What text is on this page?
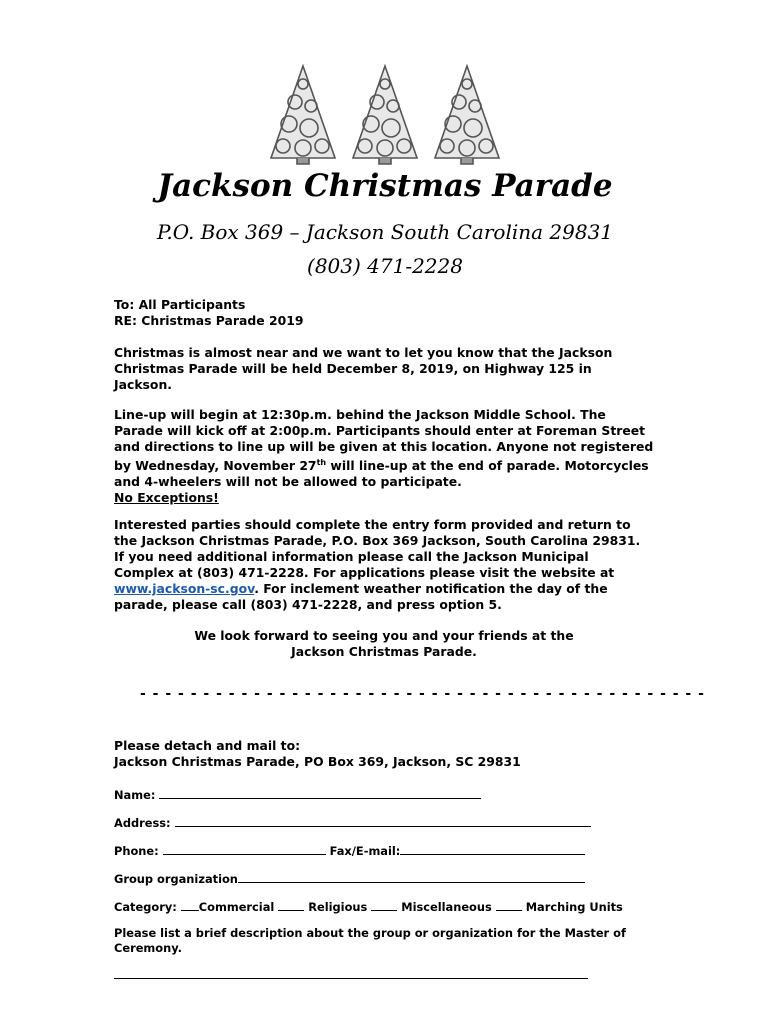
Jackson Christmas Parade
P.O. Box 369 – Jackson South Carolina 29831
(803) 471-2228
To: All Participants
RE: Christmas Parade 2019
Christmas is almost near and we want to let you know that the Jackson
Christmas Parade will be held December 8, 2019, on Highway 125 in
Jackson.
Line-up will begin at 12:30p.m. behind the Jackson Middle School. The
Parade will kick off at 2:00p.m. Participants should enter at Foreman Street
and directions to line up will be given at this location. Anyone not registered
by Wednesday, November 27th will line-up at the end of parade. Motorcycles
and 4-wheelers will not be allowed to participate.
No Exceptions!
Interested parties should complete the entry form provided and return to
the Jackson Christmas Parade, P.O. Box 369 Jackson, South Carolina 29831.
If you need additional information please call the Jackson Municipal
Complex at (803) 471-2228. For applications please visit the website at
www.jackson-sc.gov. For inclement weather notification the day of the
parade, please call (803) 471-2228, and press option 5.
We look forward to seeing you and your friends at the
Jackson Christmas Parade.
- - - - - - - - - - - - - - - - - - - - - - - - - - - - - - - - - - - - - - - - - - - - -
Please detach and mail to:
Jackson Christmas Parade, PO Box 369, Jackson, SC 29831
Name:
Address:
Phone:	Fax/E-mail:
Group organization
Category: Commercial	Religious	Miscellaneous	Marching Units
Please list a brief description about the group or organization for the Master of
Ceremony.
